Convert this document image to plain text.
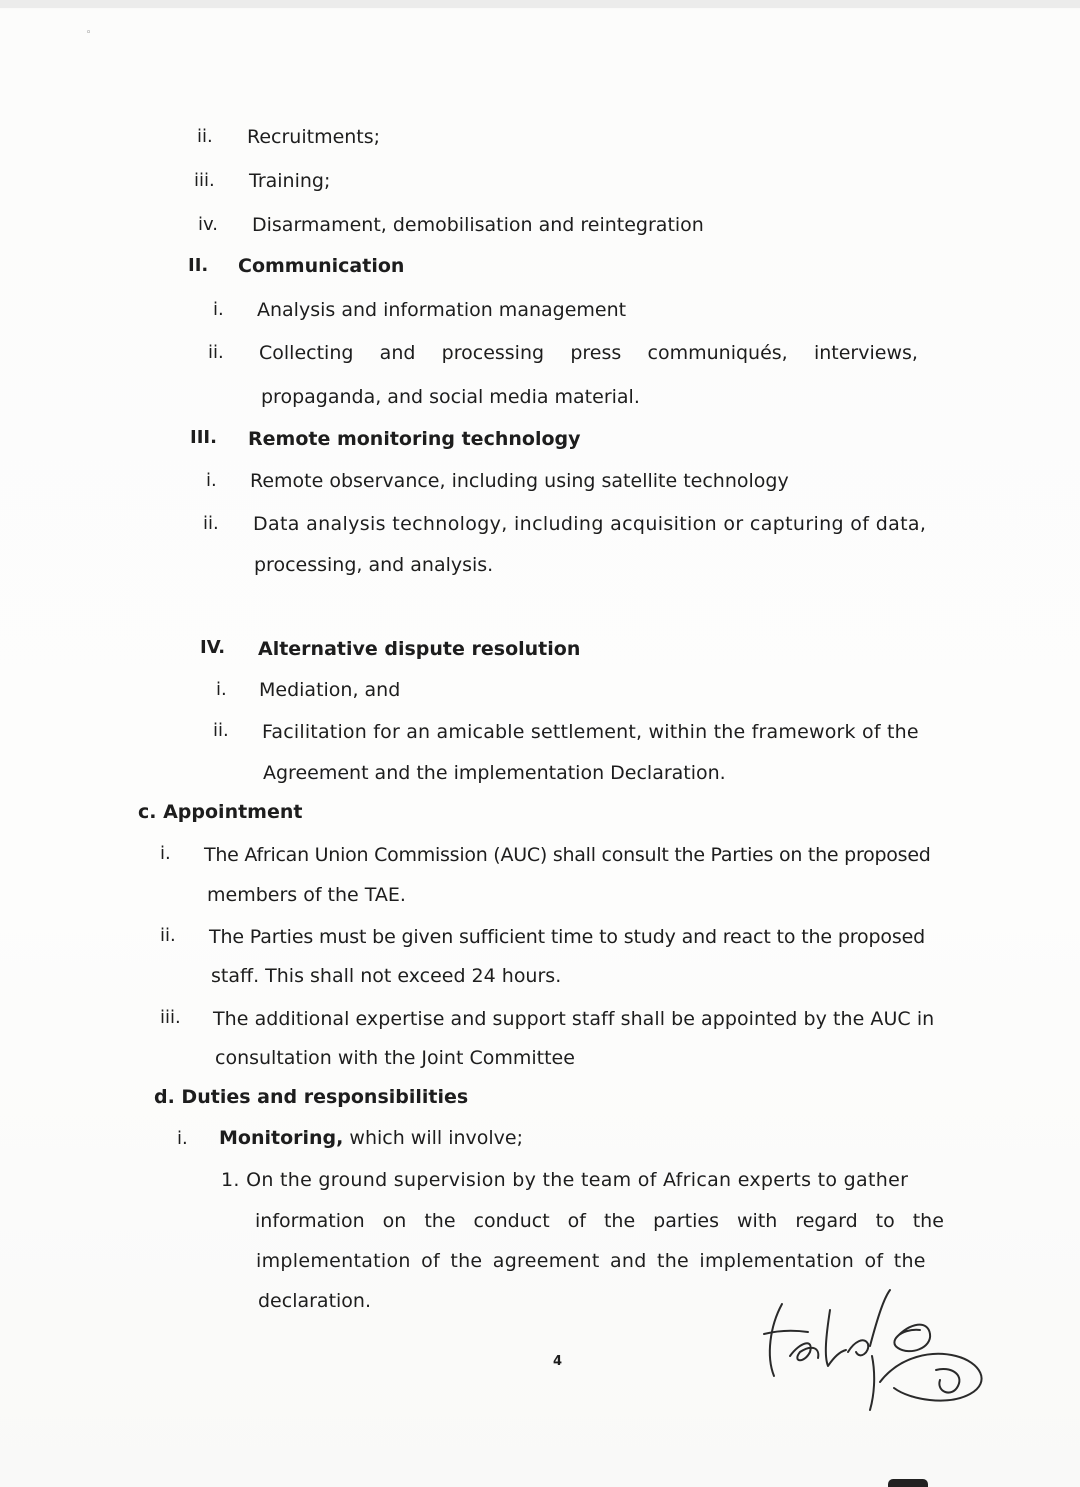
◦
ii. Recruitments;
iii. Training;
iv. Disarmament, demobilisation and reintegration
II. Communication
i. Analysis and information management
ii. Collecting and processing press communiqués, interviews,
propaganda, and social media material.
III. Remote monitoring technology
i. Remote observance, including using satellite technology
ii. Data analysis technology, including acquisition or capturing of data,
processing, and analysis.
IV. Alternative dispute resolution
i. Mediation, and
ii. Facilitation for an amicable settlement, within the framework of the
Agreement and the implementation Declaration.
c. Appointment
i. The African Union Commission (AUC) shall consult the Parties on the proposed
members of the TAE.
ii. The Parties must be given sufficient time to study and react to the proposed
staff. This shall not exceed 24 hours.
iii. The additional expertise and support staff shall be appointed by the AUC in
consultation with the Joint Committee
d. Duties and responsibilities
i. Monitoring, which will involve;
1. On the ground supervision by the team of African experts to gather
information on the conduct of the parties with regard to the
implementation of the agreement and the implementation of the
declaration.
4
